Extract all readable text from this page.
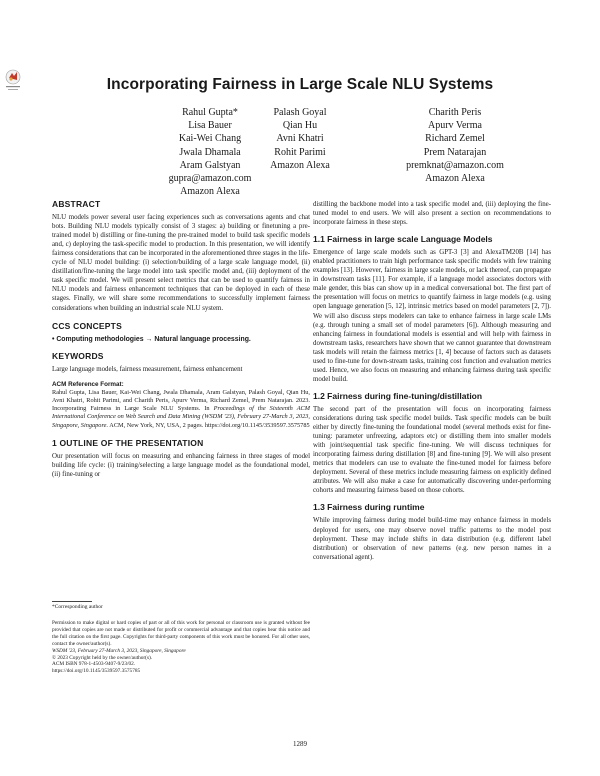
Incorporating Fairness in Large Scale NLU Systems
Rahul Gupta*
Lisa Bauer
Kai-Wei Chang
Jwala Dhamala
Aram Galstyan
gupra@amazon.com
Amazon Alexa
Palash Goyal
Qian Hu
Avni Khatri
Rohit Parimi
Amazon Alexa
Charith Peris
Apurv Verma
Richard Zemel
Prem Natarajan
premknat@amazon.com
Amazon Alexa
ABSTRACT

NLU models power several user facing experiences such as conversations agents and chat bots. Building NLU models typically consist of 3 stages: a) building or finetuning a pre-trained model b) distilling or fine-tuning the pre-trained model to build task specific models and, c) deploying the task-specific model to production. In this presentation, we will identify fairness considerations that can be incorporated in the aforementioned three stages in the life-cycle of NLU model building: (i) selection/building of a large scale language model, (ii) distillation/fine-tuning the large model into task specific model and, (iii) deployment of the task specific model. We will present select metrics that can be used to quantify fairness in NLU models and fairness enhancement techniques that can be deployed in each of these stages. Finally, we will share some recommendations to successfully implement fairness considerations when building an industrial scale NLU system.

CCS CONCEPTS

• Computing methodologies → Natural language processing.

KEYWORDS

Large language models, fairness measurement, fairness enhancement

ACM Reference Format:

Rahul Gupta, Lisa Bauer, Kai-Wei Chang, Jwala Dhamala, Aram Galstyan, Palash Goyal, Qian Hu, Avni Khatri, Rohit Parimi, and Charith Peris, Apurv Verma, Richard Zemel, Prem Natarajan. 2023. Incorporating Fairness in Large Scale NLU Systems. In Proceedings of the Sixteenth ACM International Conference on Web Search and Data Mining (WSDM '23), February 27-March 3, 2023, Singapore, Singapore. ACM, New York, NY, USA, 2 pages. https://doi.org/10.1145/3539597.3575785

1 OUTLINE OF THE PRESENTATION

Our presentation will focus on measuring and enhancing fairness in three stages of model building life cycle: (i) training/selecting a large language model as the foundational model, (ii) fine-tuning or

*Corresponding author
Permission to make digital or hard copies of part or all of this work for personal or classroom use is granted without fee provided that copies are not made or distributed for profit or commercial advantage and that copies bear this notice and the full citation on the first page. Copyrights for third-party components of this work must be honored. For all other uses, contact the owner/author(s).
WSDM '23, February 27-March 3, 2023, Singapore, Singapore
© 2023 Copyright held by the owner/author(s).
ACM ISBN 978-1-4503-9407-9/23/02.
https://doi.org/10.1145/3539597.3575785

distilling the backbone model into a task specific model and, (iii) deploying the fine-tuned model to end users. We will also present a section on recommendations to incorporate fairness in these steps.

1.1 Fairness in large scale Language Models

Emergence of large scale models such as GPT-3 [3] and AlexaTM20B [14] has enabled practitioners to train high performance task specific models with few training examples [13]. However, fairness in large scale models, or lack thereof, can propagate in downstream tasks [11]. For example, if a language model associates doctors with male gender, this bias can show up in a medical conversational bot. The first part of the presentation will focus on metrics to quantify fairness in large models (e.g. using open language generation [5, 12], intrinsic metrics based on model parameters [2, 7]). We will also discuss steps modelers can take to enhance fairness in large scale LMs (e.g. through tuning a small set of model parameters [6]). Although measuring and enhancing fairness in foundational models is essential and will help with fairness in downstream tasks, researchers have shown that we cannot guarantee that downstream task models will retain the fairness metrics [1, 4] because of factors such as datasets used to fine-tune for down-stream tasks, training cost function and evaluation metrics used. Hence, we also focus on measuring and enhancing fairness during task specific model build.

1.2 Fairness during fine-tuning/distillation

The second part of the presentation will focus on incorporating fairness considerations during task specific model builds. Task specific models can be built either by directly fine-tuning the foundational model (several methods exist for fine-tuning: parameter unfreezing, adaptors etc) or distilling them into smaller models with joint/sequential task specific fine-tuning. We will discuss techniques for incorporating fairness during distillation [8] and fine-tuning [9]. We will also present metrics that modelers can use to evaluate the fine-tuned model for fairness before deployment. Several of these metrics include measuring fairness on explicitly defined attributes. We will also make a case for automatically discovering under-performing cohorts and measuring fairness based on those cohorts.

1.3 Fairness during runtime

While improving fairness during model build-time may enhance fairness in models deployed for users, one may observe novel traffic patterns to the model post deployment. These may include shifts in data distribution (e.g. different label distribution) or observation of new patterns (e.g. new person names in a conversational agent).

1289
